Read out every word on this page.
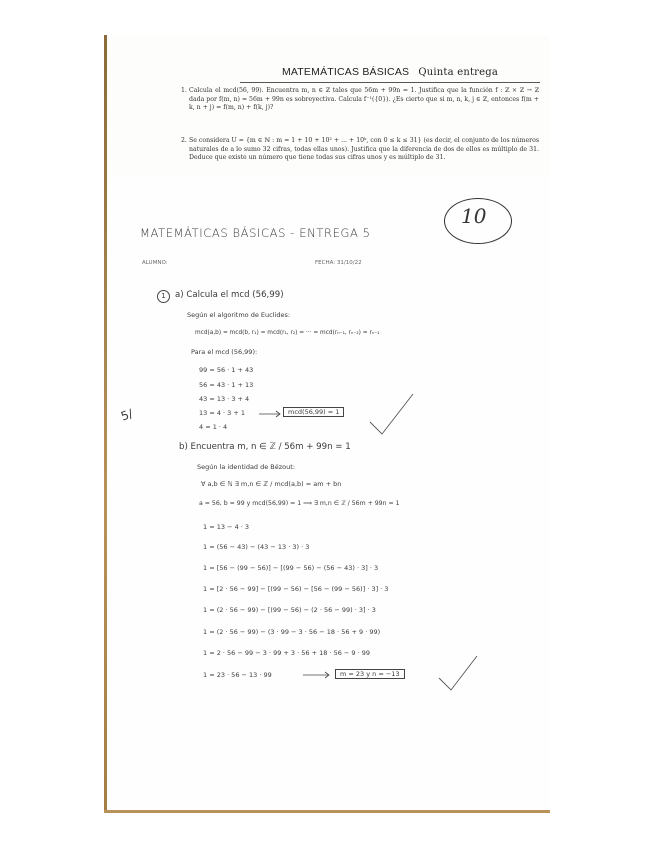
MATEMÁTICAS BÁSICAS Quinta entrega
1. Calcula el mcd(56, 99). Encuentra m, n ∈ ℤ tales que 56m + 99n = 1. Justifica que la función f : ℤ × ℤ → ℤ dada por f(m, n) = 56m + 99n es sobreyectiva. Calcula f⁻¹({0}). ¿Es cierto que si m, n, k, j ∈ ℤ, entonces f(m + k, n + j) = f(m, n) + f(k, j)?
2. Se considera U = {m ∈ ℕ : m = 1 + 10 + 10² + ... + 10ᵏ, con 0 ≤ k ≤ 31} (es decir, el conjunto de los números naturales de a lo sumo 32 cifras, todas ellas unos). Justifica que la diferencia de dos de ellos es múltiplo de 31. Deduce que existe un número que tiene todas sus cifras unos y es múltiplo de 31.
10
MATEMÁTICAS BÁSICAS - ENTREGA 5
ALUMNO:	FECHA: 31/10/22
1	a) Calcula el mcd (56,99)
Según el algoritmo de Euclides:
mcd(a,b) = mcd(b, r₁) = mcd(r₁, r₂) = ··· = mcd(rₙ₋₁, rₙ₋₂) = rₙ₋₁
Para el mcd (56,99):
99 = 56 · 1 + 43
56 = 43 · 1 + 13
43 = 13 · 3 + 4
13 = 4 · 3 + 1	mcd(56,99) = 1
4 = 1 · 4
5/
b) Encuentra m, n ∈ ℤ / 56m + 99n = 1
Según la identidad de Bézout:
∀ a,b ∈ ℕ ∃ m,n ∈ ℤ / mcd(a,b) = am + bn
a = 56, b = 99 y mcd(56,99) = 1 ⟹ ∃ m,n ∈ ℤ / 56m + 99n = 1
1 = 13 − 4 · 3
1 = (56 − 43) − (43 − 13 · 3) · 3
1 = [56 − (99 − 56)] − [(99 − 56) − (56 − 43) · 3] · 3
1 = [2 · 56 − 99] − [(99 − 56) − [56 − (99 − 56)] · 3] · 3
1 = (2 · 56 − 99) − [(99 − 56) − (2 · 56 − 99) · 3] · 3
1 = (2 · 56 − 99) − (3 · 99 − 3 · 56 − 18 · 56 + 9 · 99)
1 = 2 · 56 − 99 − 3 · 99 + 3 · 56 + 18 · 56 − 9 · 99
1 = 23 · 56 − 13 · 99	m = 23 y n = −13
